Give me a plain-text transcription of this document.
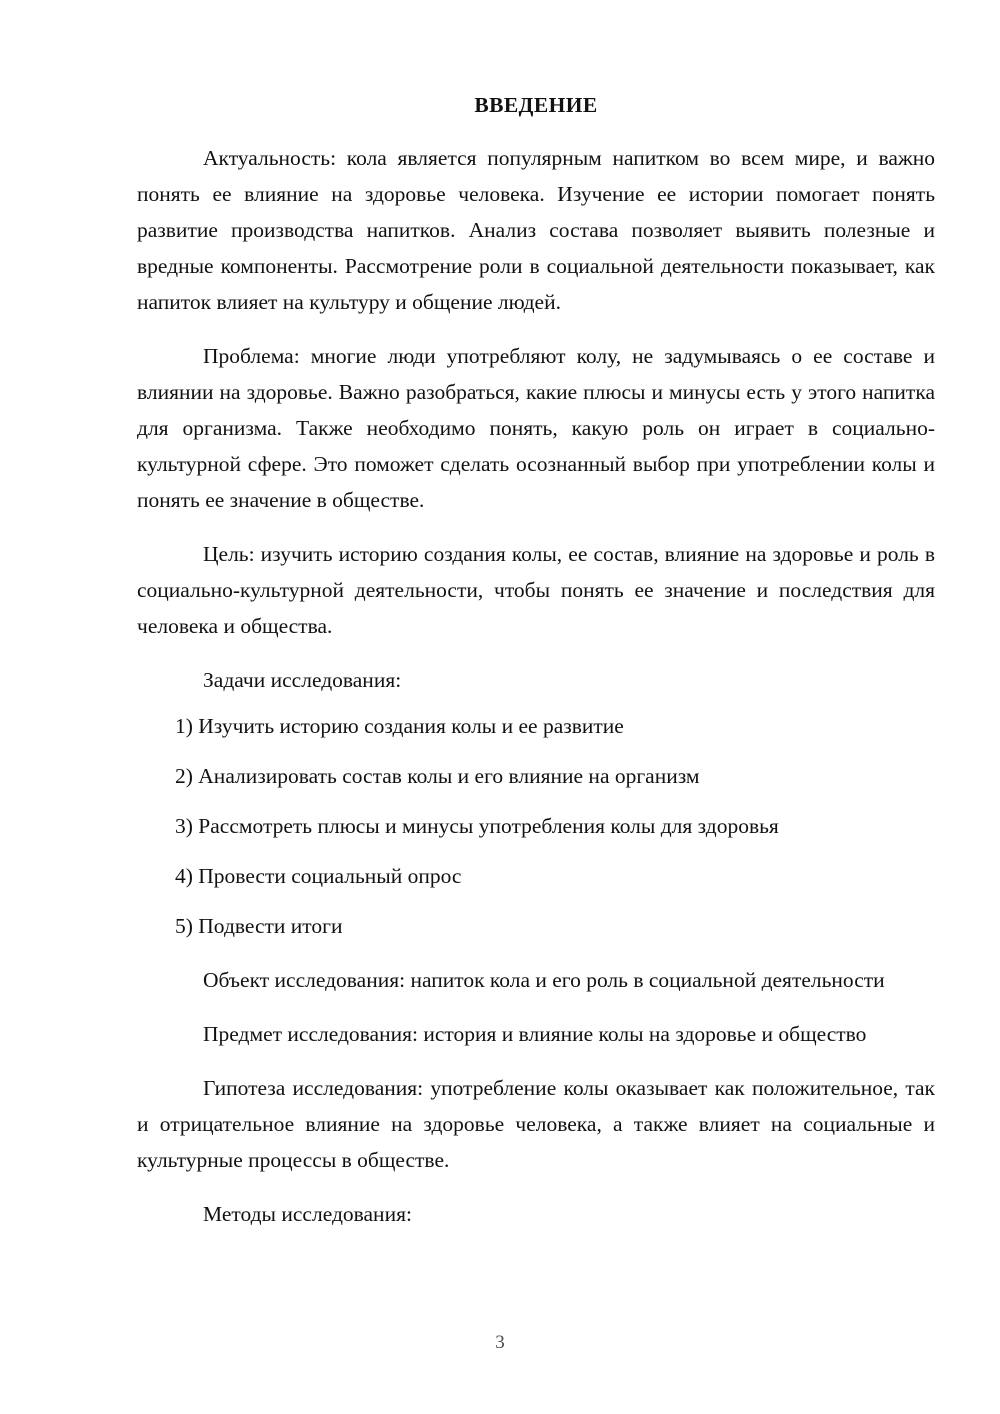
ВВЕДЕНИЕ

Актуальность: кола является популярным напитком во всем мире, и важно понять ее влияние на здоровье человека. Изучение ее истории помогает понять развитие производства напитков. Анализ состава позволяет выявить полезные и вредные компоненты. Рассмотрение роли в социальной деятельности показывает, как напиток влияет на культуру и общение людей.

Проблема: многие люди употребляют колу, не задумываясь о ее составе и влиянии на здоровье. Важно разобраться, какие плюсы и минусы есть у этого напитка для организма. Также необходимо понять, какую роль он играет в социально-культурной сфере. Это поможет сделать осознанный выбор при употреблении колы и понять ее значение в обществе.

Цель: изучить историю создания колы, ее состав, влияние на здоровье и роль в социально-культурной деятельности, чтобы понять ее значение и последствия для человека и общества.

Задачи исследования:

1) Изучить историю создания колы и ее развитие
2) Анализировать состав колы и его влияние на организм
3) Рассмотреть плюсы и минусы употребления колы для здоровья
4) Провести социальный опрос
5) Подвести итоги

Объект исследования: напиток кола и его роль в социальной деятельности

Предмет исследования: история и влияние колы на здоровье и общество

Гипотеза исследования: употребление колы оказывает как положительное, так и отрицательное влияние на здоровье человека, а также влияет на социальные и культурные процессы в обществе.

Методы исследования:

3
